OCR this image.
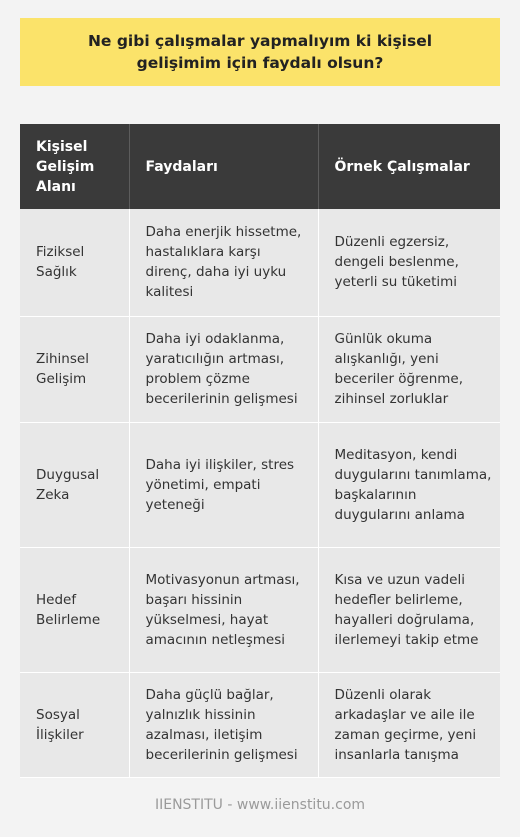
Ne gibi çalışmalar yapmalıyım ki kişisel gelişimim için faydalı olsun?
Kişisel Gelişim Alanı	Faydaları	Örnek Çalışmalar
Fiziksel Sağlık	Daha enerjik hissetme, hastalıklara karşı direnç, daha iyi uyku kalitesi	Düzenli egzersiz, dengeli beslenme, yeterli su tüketimi
Zihinsel Gelişim	Daha iyi odaklanma, yaratıcılığın artması, problem çözme becerilerinin gelişmesi	Günlük okuma alışkanlığı, yeni beceriler öğrenme, zihinsel zorluklar
Duygusal Zeka	Daha iyi ilişkiler, stres yönetimi, empati yeteneği	Meditasyon, kendi duygularını tanımlama, başkalarının duygularını anlama
Hedef Belirleme	Motivasyonun artması, başarı hissinin yükselmesi, hayat amacının netleşmesi	Kısa ve uzun vadeli hedefler belirleme, hayalleri doğrulama, ilerlemeyi takip etme
Sosyal İlişkiler	Daha güçlü bağlar, yalnızlık hissinin azalması, iletişim becerilerinin gelişmesi	Düzenli olarak arkadaşlar ve aile ile zaman geçirme, yeni insanlarla tanışma
IIENSTITU - www.iienstitu.com
